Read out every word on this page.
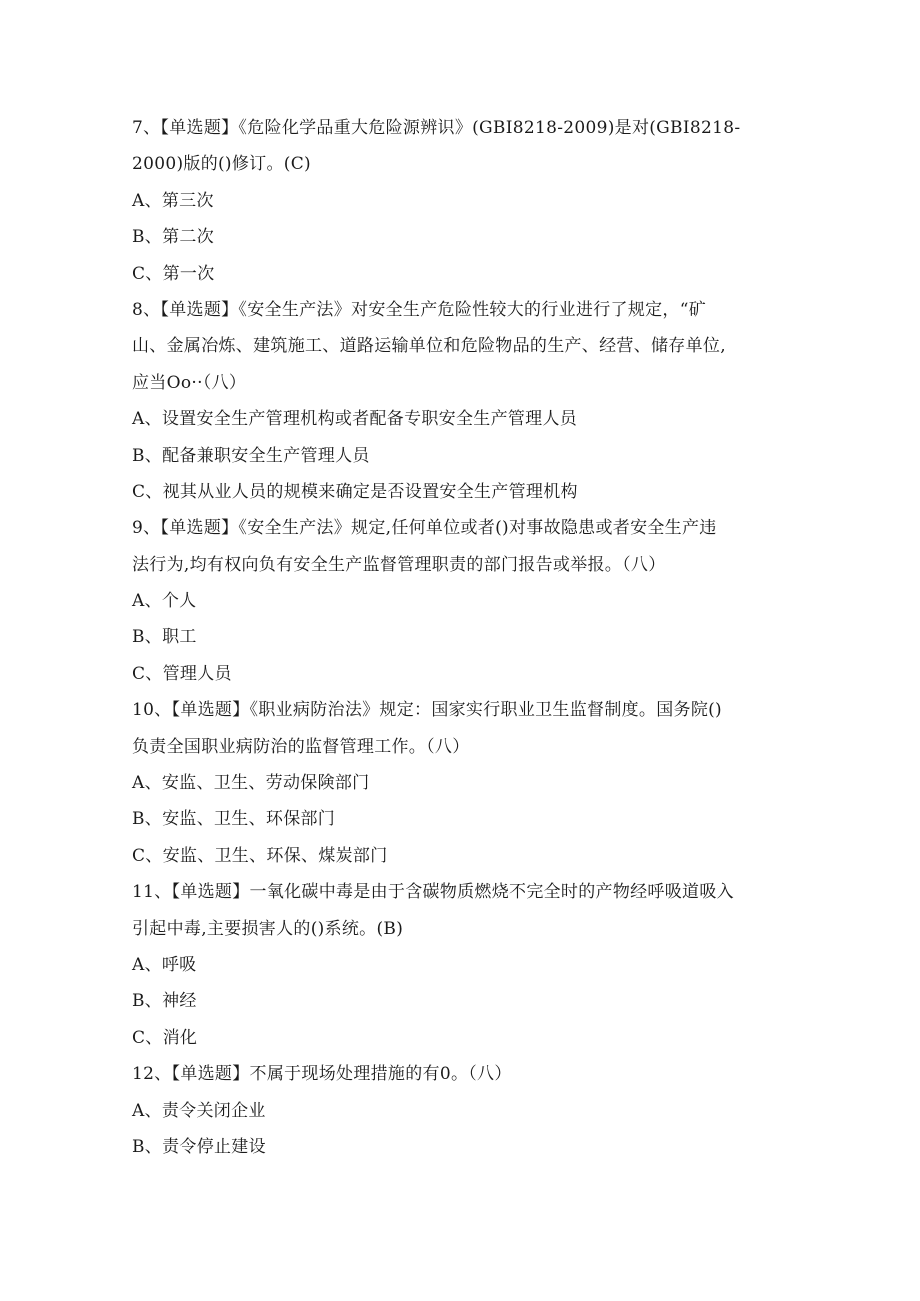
7、【单选题】《危险化学品重大危险源辨识》(GBI8218-2009)是对(GBI8218-
2000)版的()修订。(C)
A、第三次
B、第二次
C、第一次
8、【单选题】《安全生产法》对安全生产危险性较大的行业进行了规定，“矿
山、金属冶炼、建筑施工、道路运输单位和危险物品的生产、经营、储存单位,
应当Oo··（八）
A、设置安全生产管理机构或者配备专职安全生产管理人员
B、配备兼职安全生产管理人员
C、视其从业人员的规模来确定是否设置安全生产管理机构
9、【单选题】《安全生产法》规定,任何单位或者()对事故隐患或者安全生产违
法行为,均有权向负有安全生产监督管理职责的部门报告或举报。（八）
A、个人
B、职工
C、管理人员
10、【单选题】《职业病防治法》规定：国家实行职业卫生监督制度。国务院()
负责全国职业病防治的监督管理工作。（八）
A、安监、卫生、劳动保険部门
B、安监、卫生、环保部门
C、安监、卫生、环保、煤炭部门
11、【单选题】一氧化碳中毒是由于含碳物质燃烧不完全时的产物经呼吸道吸入
引起中毒,主要损害人的()系统。(B)
A、呼吸
B、神经
C、消化
12、【单选题】不属于现场处理措施的有0。（八）
A、责令关闭企业
B、责令停止建设
